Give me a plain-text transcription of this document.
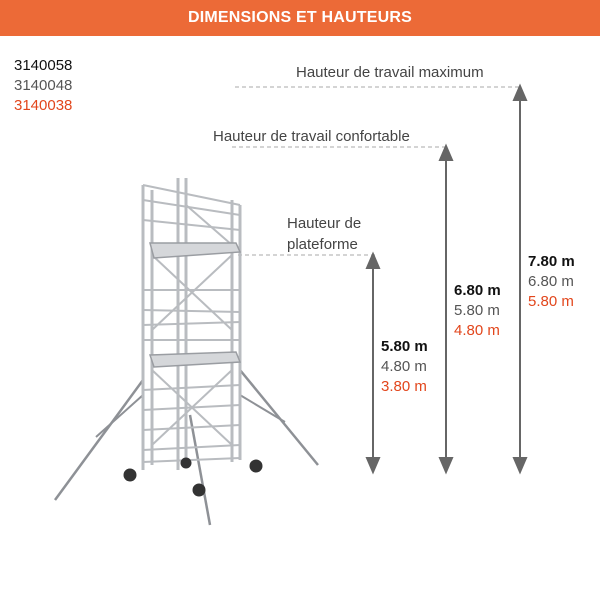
DIMENSIONS ET HAUTEURS
3140058
3140048
3140038
Hauteur de travail maximum
Hauteur de travail confortable
Hauteur de
plateforme
7.80 m
6.80 m
5.80 m
6.80 m
5.80 m
4.80 m
5.80 m
4.80 m
3.80 m
